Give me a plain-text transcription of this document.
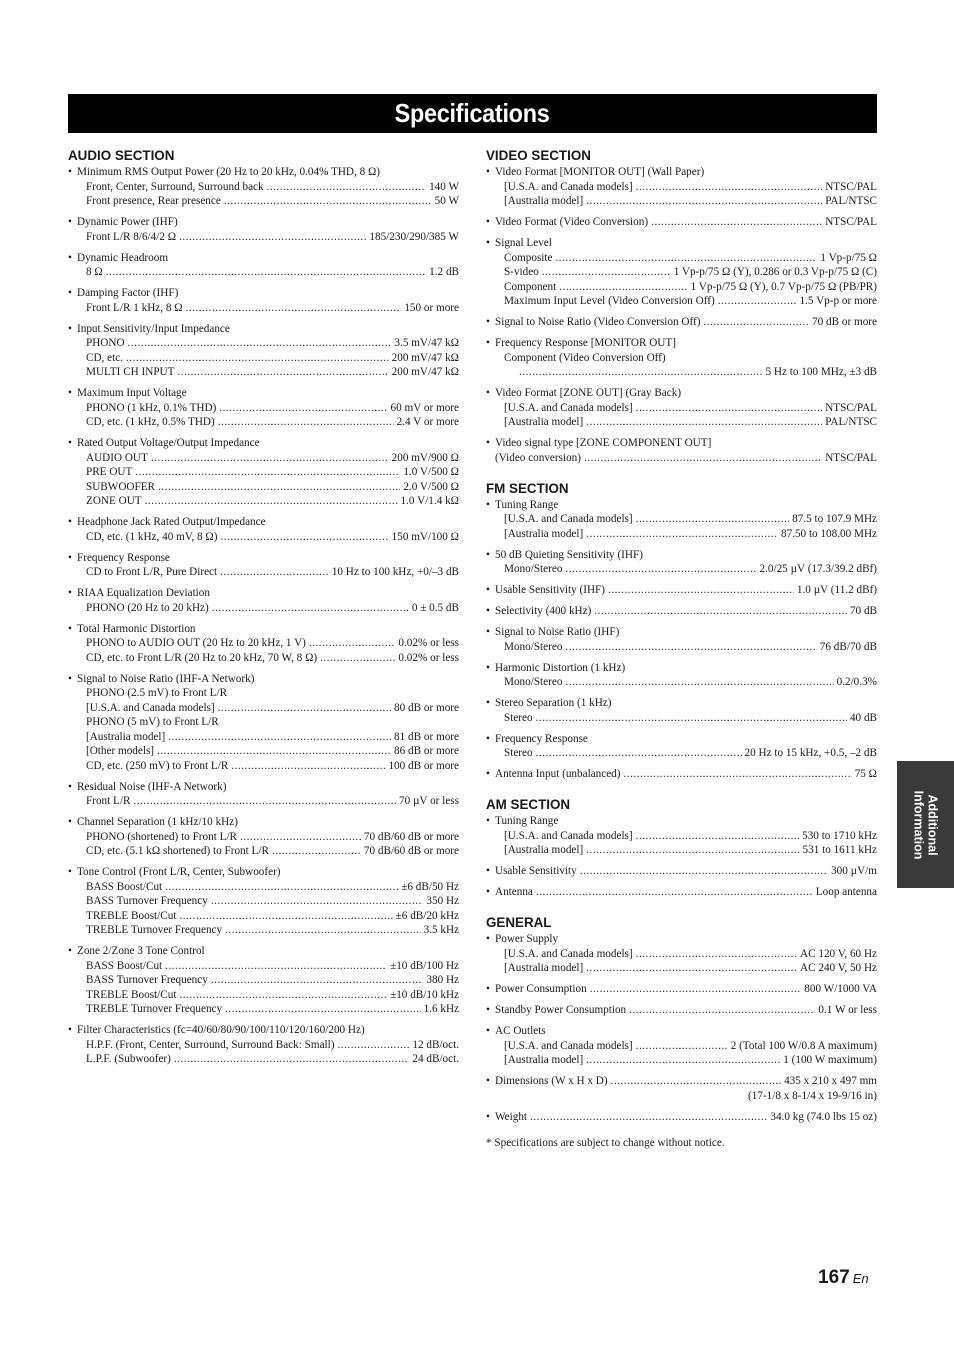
Specifications
AUDIO SECTION
• Minimum RMS Output Power (20 Hz to 20 kHz, 0.04% THD, 8 Ω)
Front, Center, Surround, Surround back .....	140 W
Front presence, Rear presence .....	50 W
• Dynamic Power (IHF)
Front L/R 8/6/4/2 Ω .....	185/230/290/385 W
• Dynamic Headroom
8 Ω .....	1.2 dB
• Damping Factor (IHF)
Front L/R 1 kHz, 8 Ω .....	150 or more
• Input Sensitivity/Input Impedance
PHONO .....	3.5 mV/47 kΩ
CD, etc. .....	200 mV/47 kΩ
MULTI CH INPUT .....	200 mV/47 kΩ
• Maximum Input Voltage
PHONO (1 kHz, 0.1% THD) .....	60 mV or more
CD, etc. (1 kHz, 0.5% THD) .....	2.4 V or more
• Rated Output Voltage/Output Impedance
AUDIO OUT .....	200 mV/900 Ω
PRE OUT .....	1.0 V/500 Ω
SUBWOOFER .....	2.0 V/500 Ω
ZONE OUT .....	1.0 V/1.4 kΩ
• Headphone Jack Rated Output/Impedance
CD, etc. (1 kHz, 40 mV, 8 Ω) .....	150 mV/100 Ω
• Frequency Response
CD to Front L/R, Pure Direct .....	10 Hz to 100 kHz, +0/–3 dB
• RIAA Equalization Deviation
PHONO (20 Hz to 20 kHz) .....	0 ± 0.5 dB
• Total Harmonic Distortion
PHONO to AUDIO OUT (20 Hz to 20 kHz, 1 V) .....	0.02% or less
CD, etc. to Front L/R (20 Hz to 20 kHz, 70 W, 8 Ω) .....	0.02% or less
• Signal to Noise Ratio (IHF-A Network)
PHONO (2.5 mV) to Front L/R
[U.S.A. and Canada models] .....	80 dB or more
PHONO (5 mV) to Front L/R
[Australia model] .....	81 dB or more
[Other models] .....	86 dB or more
CD, etc. (250 mV) to Front L/R .....	100 dB or more
• Residual Noise (IHF-A Network)
Front L/R .....	70 µV or less
• Channel Separation (1 kHz/10 kHz)
PHONO (shortened) to Front L/R .....	70 dB/60 dB or more
CD, etc. (5.1 kΩ shortened) to Front L/R .....	70 dB/60 dB or more
• Tone Control (Front L/R, Center, Subwoofer)
BASS Boost/Cut .....	±6 dB/50 Hz
BASS Turnover Frequency .....	350 Hz
TREBLE Boost/Cut .....	±6 dB/20 kHz
TREBLE Turnover Frequency .....	3.5 kHz
• Zone 2/Zone 3 Tone Control
BASS Boost/Cut .....	±10 dB/100 Hz
BASS Turnover Frequency .....	380 Hz
TREBLE Boost/Cut .....	±10 dB/10 kHz
TREBLE Turnover Frequency .....	1.6 kHz
• Filter Characteristics (fc=40/60/80/90/100/110/120/160/200 Hz)
H.P.F. (Front, Center, Surround, Surround Back: Small) .....	12 dB/oct.
L.P.F. (Subwoofer) .....	24 dB/oct.
VIDEO SECTION
• Video Format [MONITOR OUT] (Wall Paper)
[U.S.A. and Canada models] .....	NTSC/PAL
[Australia model] .....	PAL/NTSC
• Video Format (Video Conversion) .....	NTSC/PAL
• Signal Level
Composite .....	1 Vp-p/75 Ω
S-video .....	1 Vp-p/75 Ω (Y), 0.286 or 0.3 Vp-p/75 Ω (C)
Component .....	1 Vp-p/75 Ω (Y), 0.7 Vp-p/75 Ω (PB/PR)
Maximum Input Level (Video Conversion Off) .....	1.5 Vp-p or more
• Signal to Noise Ratio (Video Conversion Off) .....	70 dB or more
• Frequency Response [MONITOR OUT]
Component (Video Conversion Off)
.....
5 Hz to 100 MHz, ±3 dB
• Video Format [ZONE OUT] (Gray Back)
[U.S.A. and Canada models] .....	NTSC/PAL
[Australia model] .....	PAL/NTSC
• Video signal type [ZONE COMPONENT OUT]
(Video conversion) .....	NTSC/PAL
FM SECTION
• Tuning Range
[U.S.A. and Canada models] .....	87.5 to 107.9 MHz
[Australia model] .....	87.50 to 108.00 MHz
• 50 dB Quieting Sensitivity (IHF)
Mono/Stereo .....	2.0/25 µV (17.3/39.2 dBf)
• Usable Sensitivity (IHF) .....	1.0 µV (11.2 dBf)
• Selectivity (400 kHz) .....	70 dB
• Signal to Noise Ratio (IHF)
Mono/Stereo .....	76 dB/70 dB
• Harmonic Distortion (1 kHz)
Mono/Stereo .....	0.2/0.3%
• Stereo Separation (1 kHz)
Stereo .....	40 dB
• Frequency Response
Stereo .....	20 Hz to 15 kHz, +0.5, –2 dB
• Antenna Input (unbalanced) .....	75 Ω
AM SECTION
• Tuning Range
[U.S.A. and Canada models] .....	530 to 1710 kHz
[Australia model] .....	531 to 1611 kHz
• Usable Sensitivity .....	300 µV/m
• Antenna .....	Loop antenna
GENERAL
• Power Supply
[U.S.A. and Canada models] .....	AC 120 V, 60 Hz
[Australia model] .....	AC 240 V, 50 Hz
• Power Consumption .....	800 W/1000 VA
• Standby Power Consumption .....	0.1 W or less
• AC Outlets
[U.S.A. and Canada models] .....	2 (Total 100 W/0.8 A maximum)
[Australia model] .....	1 (100 W maximum)
• Dimensions (W x H x D) .....	435 x 210 x 497 mm
(17-1/8 x 8-1/4 x 19-9/16 in)
• Weight .....	34.0 kg (74.0 lbs 15 oz)
* Specifications are subject to change without notice.
Additional
Information
167 En
